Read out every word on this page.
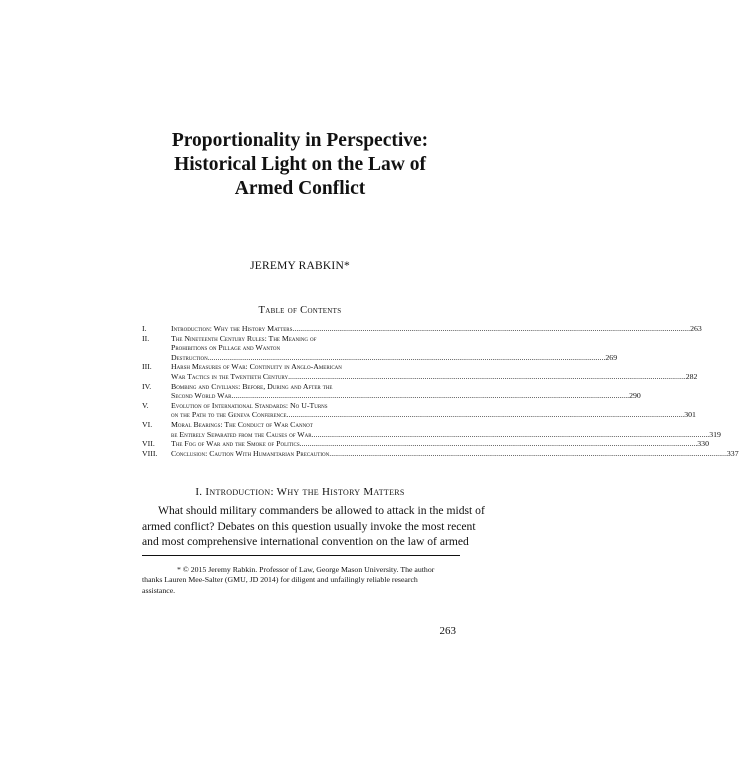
Proportionality in Perspective:
Historical Light on the Law of
Armed Conflict
JEREMY RABKIN*
Table of Contents
I.	Introduction: Why the History Matters .....	263
II.	The Nineteenth Century Rules: The Meaning of
Prohibitions on Pillage and Wanton
Destruction .....	269
III.	Harsh Measures of War: Continuity in Anglo-American
War Tactics in the Twentieth Century .....	282
IV.	Bombing and Civilians: Before, During and After the
Second World War .....	290
V.	Evolution of International Standards: No U-Turns
on the Path to the Geneva Conference .....	301
VI.	Moral Bearings: The Conduct of War Cannot
be Entirely Separated from the Causes of War .....	319
VII.	The Fog of War and the Smoke of Politics .....	330
VIII.	Conclusion: Caution With Humanitarian Precaution .....	337
I. Introduction: Why the History Matters
What should military commanders be allowed to attack in the midst of
armed conflict? Debates on this question usually invoke the most recent
and most comprehensive international convention on the law of armed
* © 2015 Jeremy Rabkin. Professor of Law, George Mason University. The author
thanks Lauren Mee-Salter (GMU, JD 2014) for diligent and unfailingly reliable research
assistance.
263
